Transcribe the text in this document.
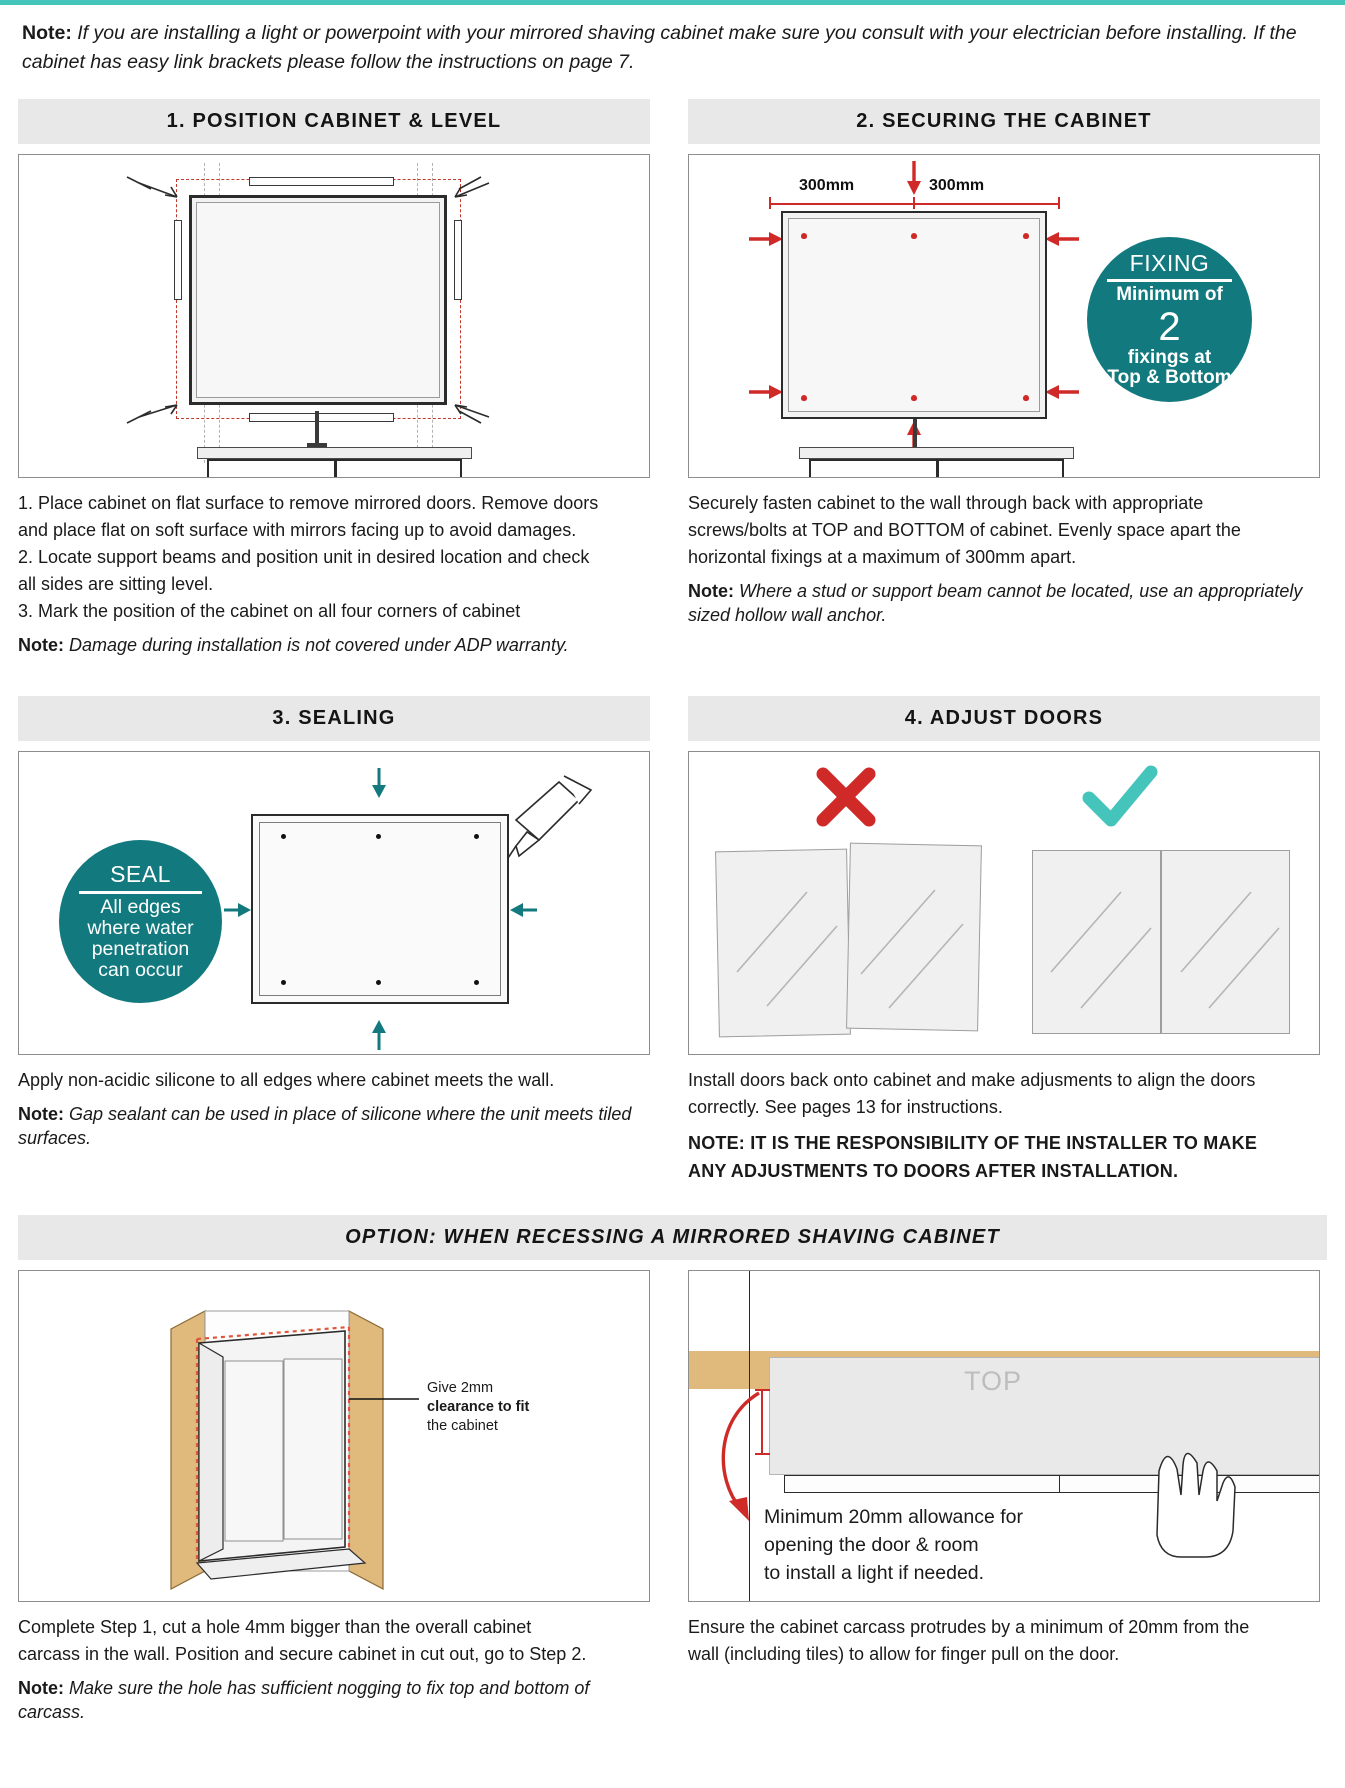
Note: If you are installing a light or powerpoint with your mirrored shaving cabinet make sure you consult with your electrician before installing. If the cabinet has easy link brackets please follow the instructions on page 7.
1. POSITION CABINET & LEVEL

1. Place cabinet on flat surface to remove mirrored doors. Remove doors

and place flat on soft surface with mirrors facing up to avoid damages.

2. Locate support beams and position unit in desired location and check

all sides are sitting level.

3. Mark the position of the cabinet on all four corners of cabinet

Note: Damage during installation is not covered under ADP warranty.

2. SECURING THE CABINET
300mm	300mm
FIXING
Minimum of
2
fixings at
Top & Bottom

Securely fasten cabinet to the wall through back with appropriate

screws/bolts at TOP and BOTTOM of cabinet. Evenly space apart the

horizontal fixings at a maximum of 300mm apart.

Note: Where a stud or support beam cannot be located, use an appropriately sized hollow wall anchor.

3. SEALING
SEAL
All edges
where water
penetration
can occur

Apply non-acidic silicone to all edges where cabinet meets the wall.

Note: Gap sealant can be used in place of silicone where the unit meets tiled surfaces.

4. ADJUST DOORS

Install doors back onto cabinet and make adjusments to align the doors

correctly. See pages 13 for instructions.

NOTE: IT IS THE RESPONSIBILITY OF THE INSTALLER TO MAKE

ANY ADJUSTMENTS TO DOORS AFTER INSTALLATION.

OPTION: WHEN RECESSING A MIRRORED SHAVING CABINET
Give 2mm
clearance to fit
the cabinet

Complete Step 1, cut a hole 4mm bigger than the overall cabinet

carcass in the wall. Position and secure cabinet in cut out, go to Step 2.

Note: Make sure the hole has sufficient nogging to fix top and bottom of carcass.

TOP
Minimum 20mm allowance for
opening the door & room
to install a light if needed.

Ensure the cabinet carcass protrudes by a minimum of 20mm from the

wall (including tiles) to allow for finger pull on the door.
